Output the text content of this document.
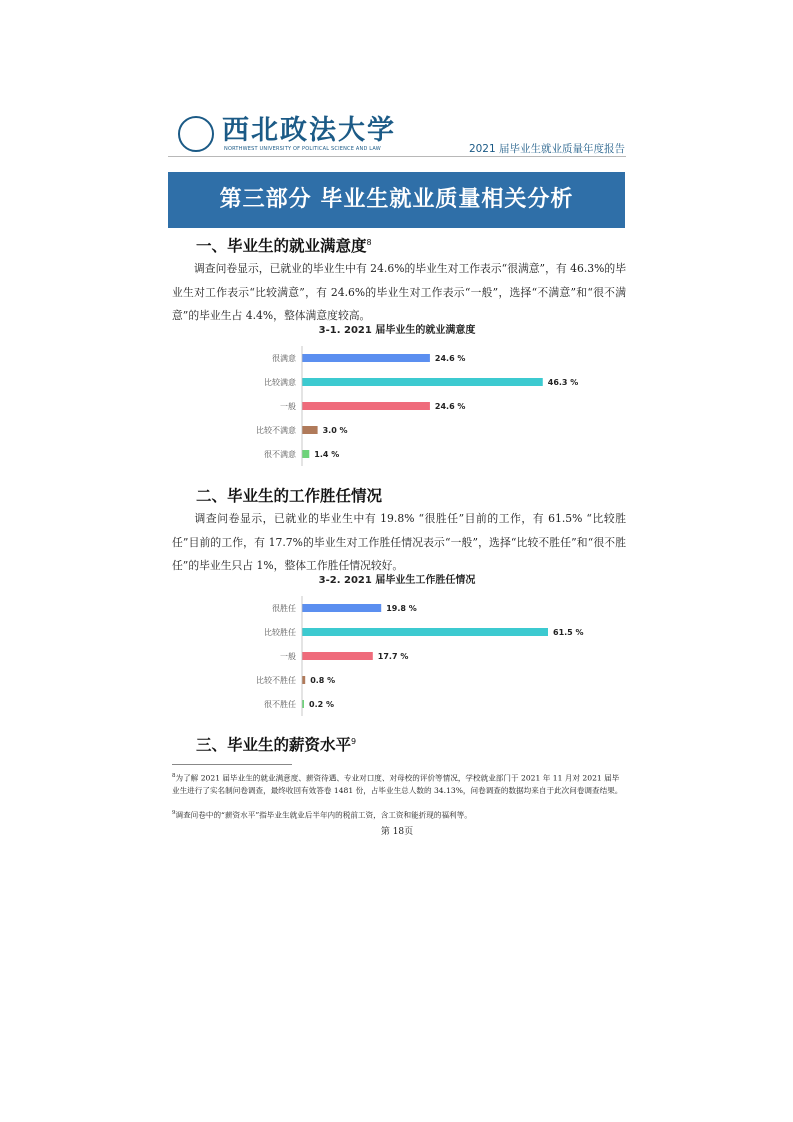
西北政法大学
NORTHWEST UNIVERSITY OF POLITICAL SCIENCE AND LAW	2021 届毕业生就业质量年度报告
第三部分 毕业生就业质量相关分析
一、毕业生的就业满意度$^8$
调查问卷显示，已就业的毕业生中有 24.6%的毕业生对工作表示“很满意”，有 46.3%的毕业生对工作表示“比较满意”，有 24.6%的毕业生对工作表示“一般”，选择“不满意”和“很不满意”的毕业生占 4.4%，整体满意度较高。
3-1. 2021 届毕业生的就业满意度
很满意	24.6 %
比较满意	46.3 %
一般	24.6 %
比较不满意	3.0 %
很不满意 1.4 %
二、毕业生的工作胜任情况
调查问卷显示，已就业的毕业生中有 19.8% “很胜任”目前的工作，有 61.5% “比较胜任”目前的工作，有 17.7%的毕业生对工作胜任情况表示“一般”，选择“比较不胜任”和“很不胜任”的毕业生只占 1%，整体工作胜任情况较好。
3-2. 2021 届毕业生工作胜任情况
很胜任	19.8 %
比较胜任	61.5 %
一般	17.7 %
比较不胜任 0.8 %
很不胜任 0.2 %
三、毕业生的薪资水平$^9$
$^8$为了解 2021 届毕业生的就业满意度、薪资待遇、专业对口度、对母校的评价等情况，学校就业部门于 2021 年 11 月对 2021 届毕业生进行了实名制问卷调查，最终收回有效答卷 1481 份，占毕业生总人数的 34.13%，问卷调查的数据均来自于此次问卷调查结果。
$^9$调查问卷中的“薪资水平”指毕业生就业后半年内的税前工资，含工资和能折现的福利等。
第 18页
